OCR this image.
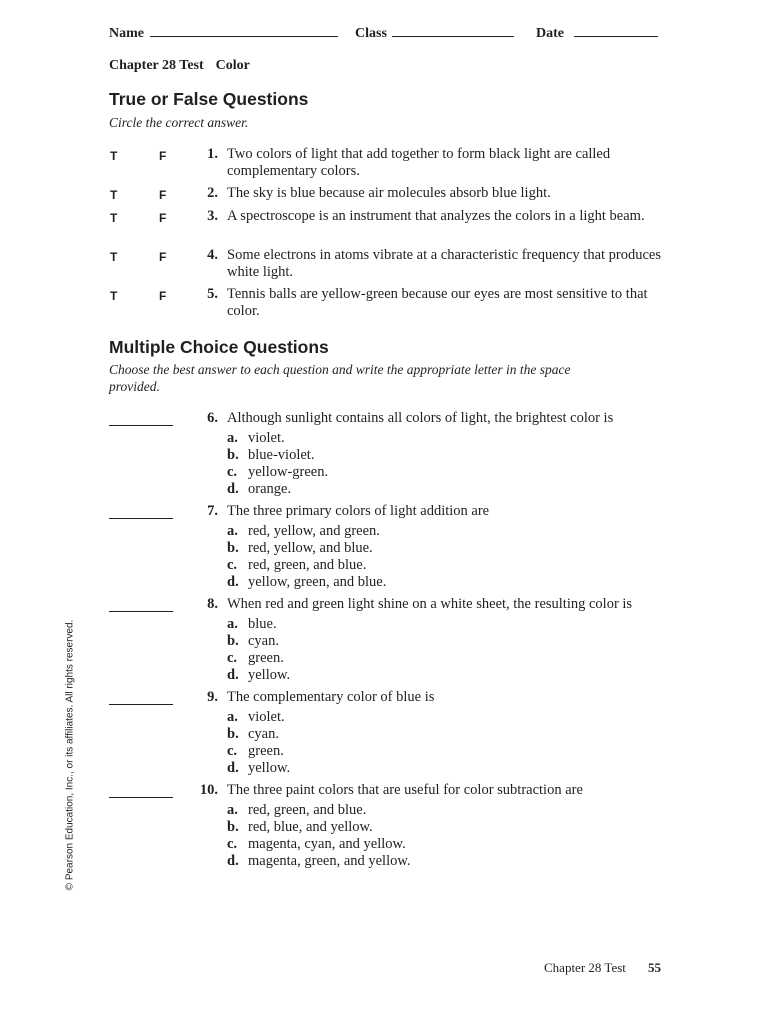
Name	Class	Date
Chapter 28 Test Color
True or False Questions
Circle the correct answer.
T	F	1. Two colors of light that add together to form black light are called complementary colors.
T	F	2. The sky is blue because air molecules absorb blue light.
T	F	3. A spectroscope is an instrument that analyzes the colors in a light beam.
T	F	4. Some electrons in atoms vibrate at a characteristic frequency that produces white light.
T	F	5. Tennis balls are yellow-green because our eyes are most sensitive to that color.
Multiple Choice Questions
Choose the best answer to each question and write the appropriate letter in the space provided.
6. Although sunlight contains all colors of light, the brightest color is
a. violet.
b. blue-violet.
c. yellow-green.
d. orange.
7. The three primary colors of light addition are
a. red, yellow, and green.
b. red, yellow, and blue.
c. red, green, and blue.
d. yellow, green, and blue.
8. When red and green light shine on a white sheet, the resulting color is
a. blue.
b. cyan.
c. green.
d. yellow.
9. The complementary color of blue is
a. violet.
b. cyan.
c. green.
d. yellow.
10. The three paint colors that are useful for color subtraction are
a. red, green, and blue.
b. red, blue, and yellow.
c. magenta, cyan, and yellow.
d. magenta, green, and yellow.
© Pearson Education, Inc., or its affiliates. All rights reserved.
Chapter 28 Test 55
